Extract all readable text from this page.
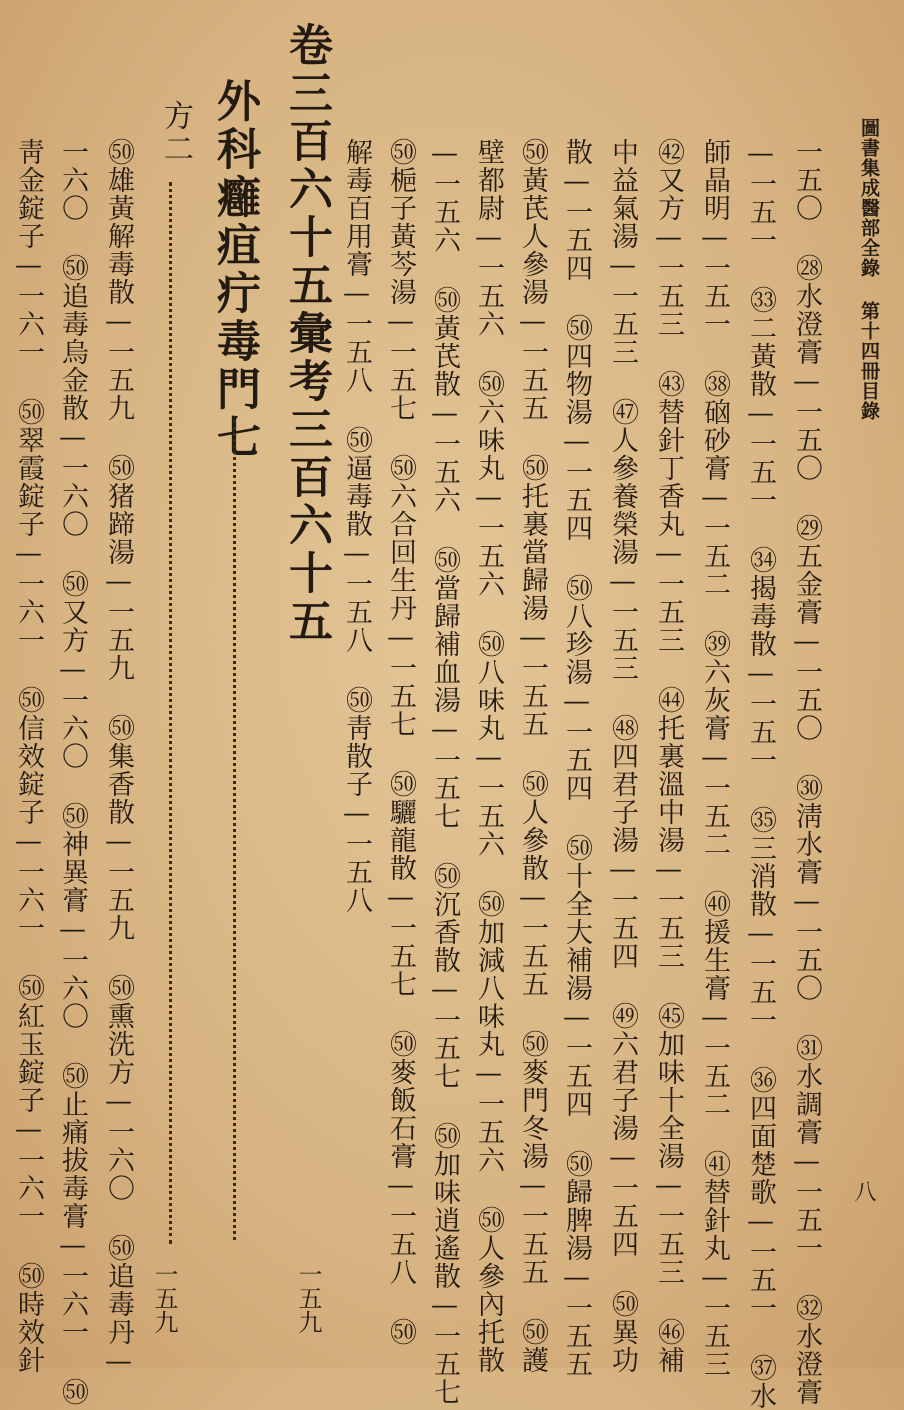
圖書集成醫部全錄 第十四冊目錄
八
一五〇 ㉘水澄膏—一五〇 ㉙五金膏—一五〇 ㉚淸水膏—一五〇 ㉛水調膏—一五一 ㉜水澄膏
—一五一 ㉝二黃散—一五一 ㉞揭毒散—一五一 ㉟三消散—一五一 ㊱四面楚歌—一五一 ㊲水
師晶明—一五一 ㊳硇砂膏—一五二 ㊴六灰膏—一五二 ㊵援生膏—一五二 ㊶替針丸—一五三
㊷又方—一五三 ㊸替針丁香丸—一五三 ㊹托裏溫中湯—一五三 ㊺加味十全湯—一五三 ㊻補
中益氣湯—一五三 ㊼人參養榮湯—一五三 ㊽四君子湯—一五四 ㊾六君子湯—一五四 ㊿異功
散—一五四 ㊿四物湯—一五四 ㊿八珍湯—一五四 ㊿十全大補湯—一五四 ㊿歸脾湯—一五五
㊿黃芪人參湯—一五五 ㊿托裏當歸湯—一五五 ㊿人參散—一五五 ㊿麥門冬湯—一五五 ㊿護
壁都尉—一五六 ㊿六味丸—一五六 ㊿八味丸—一五六 ㊿加減八味丸—一五六 ㊿人參內托散
—一五六 ㊿黃芪散—一五六 ㊿當歸補血湯—一五七 ㊿沉香散—一五七 ㊿加味逍遙散—一五七
㊿梔子黃芩湯—一五七 ㊿六合回生丹—一五七 ㊿驪龍散—一五七 ㊿麥飯石膏—一五八 ㊿
解毒百用膏—一五八 ㊿逼毒散—一五八 ㊿靑散子—一五八
卷三百六十五彙考三百六十五
一五九
外科癰疽疔毒門七
方二
一五九
㊿雄黃解毒散—一五九 ㊿猪蹄湯—一五九 ㊿集香散—一五九 ㊿熏洗方—一六〇 ㊿追毒丹—
一六〇 ㊿追毒烏金散—一六〇 ㊿又方—一六〇 ㊿神異膏—一六〇 ㊿止痛拔毒膏—一六一 ㊿
靑金錠子—一六一 ㊿翠霞錠子—一六一 ㊿信效錠子—一六一 ㊿紅玉錠子—一六一 ㊿時效針
